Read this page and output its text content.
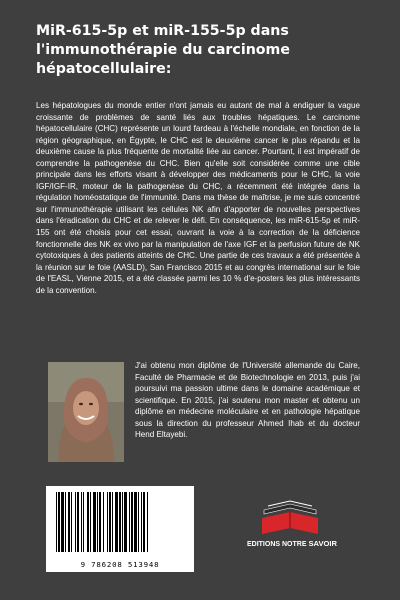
MiR-615-5p et miR-155-5p dans l'immunothérapie du carcinome hépatocellulaire:

Les hépatologues du monde entier n'ont jamais eu autant de mal à endiguer la vague croissante de problèmes de santé liés aux troubles hépatiques. Le carcinome hépatocellulaire (CHC) représente un lourd fardeau à l'échelle mondiale, en fonction de la région géographique, en Égypte, le CHC est le deuxième cancer le plus répandu et la deuxième cause la plus fréquente de mortalité liée au cancer. Pourtant, il est impératif de comprendre la pathogenèse du CHC. Bien qu'elle soit considérée comme une cible principale dans les efforts visant à développer des médicaments pour le CHC, la voie IGF/IGF-IR, moteur de la pathogenèse du CHC, a récemment été intégrée dans la régulation homéostatique de l'immunité. Dans ma thèse de maîtrise, je me suis concentré sur l'immunothérapie utilisant les cellules NK afin d'apporter de nouvelles perspectives dans l'éradication du CHC et de relever le défi. En conséquence, les miR-615-5p et miR-155 ont été choisis pour cet essai, ouvrant la voie à la correction de la déficience fonctionnelle des NK ex vivo par la manipulation de l'axe IGF et la perfusion future de NK cytotoxiques à des patients atteints de CHC. Une partie de ces travaux a été présentée à la réunion sur le foie (AASLD), San Francisco 2015 et au congrès international sur le foie de l'EASL, Vienne 2015, et a été classée parmi les 10 % d'e-posters les plus intéressants de la convention.

J'ai obtenu mon diplôme de l'Université allemande du Caire, Faculté de Pharmacie et de Biotechnologie en 2013, puis j'ai poursuivi ma passion ultime dans le domaine académique et scientifique. En 2015, j'ai soutenu mon master et obtenu un diplôme en médecine moléculaire et en pathologie hépatique sous la direction du professeur Ahmed Ihab et du docteur Hend Eltayebi.

9 786208 513948
EDITIONS NOTRE SAVOIR
